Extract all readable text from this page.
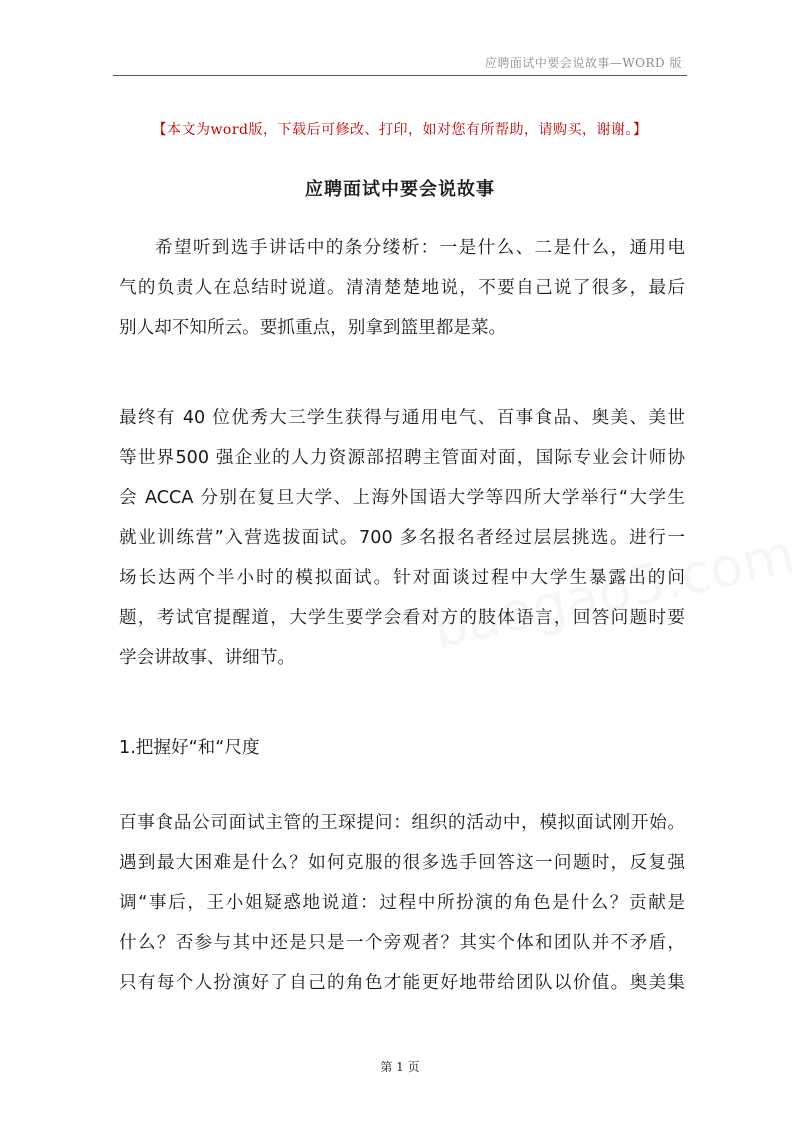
应聘面试中要会说故事—WORD 版
【本文为word版，下载后可修改、打印，如对您有所帮助，请购买，谢谢。】
应聘面试中要会说故事

希望听到选手讲话中的条分缕析：一是什么、二是什么，通用电
气的负责人在总结时说道。清清楚楚地说，不要自己说了很多，最后
别人却不知所云。要抓重点，别拿到篮里都是菜。

最终有 40 位优秀大三学生获得与通用电气、百事食品、奥美、美世
等世界500 强企业的人力资源部招聘主管面对面，国际专业会计师协
会 ACCA 分别在复旦大学、上海外国语大学等四所大学举行“大学生
就业训练营”入营选拔面试。700 多名报名者经过层层挑选。进行一
场长达两个半小时的模拟面试。针对面谈过程中大学生暴露出的问
题，考试官提醒道，大学生要学会看对方的肢体语言，回答问题时要
学会讲故事、讲细节。

1.把握好“和“尺度

百事食品公司面试主管的王琛提问：组织的活动中，模拟面试刚开始。
遇到最大困难是什么？如何克服的很多选手回答这一问题时，反复强
调“事后，王小姐疑惑地说道：过程中所扮演的角色是什么？贡献是
什么？否参与其中还是只是一个旁观者？其实个体和团队并不矛盾，
只有每个人扮演好了自己的角色才能更好地带给团队以价值。奥美集

第 1 页
